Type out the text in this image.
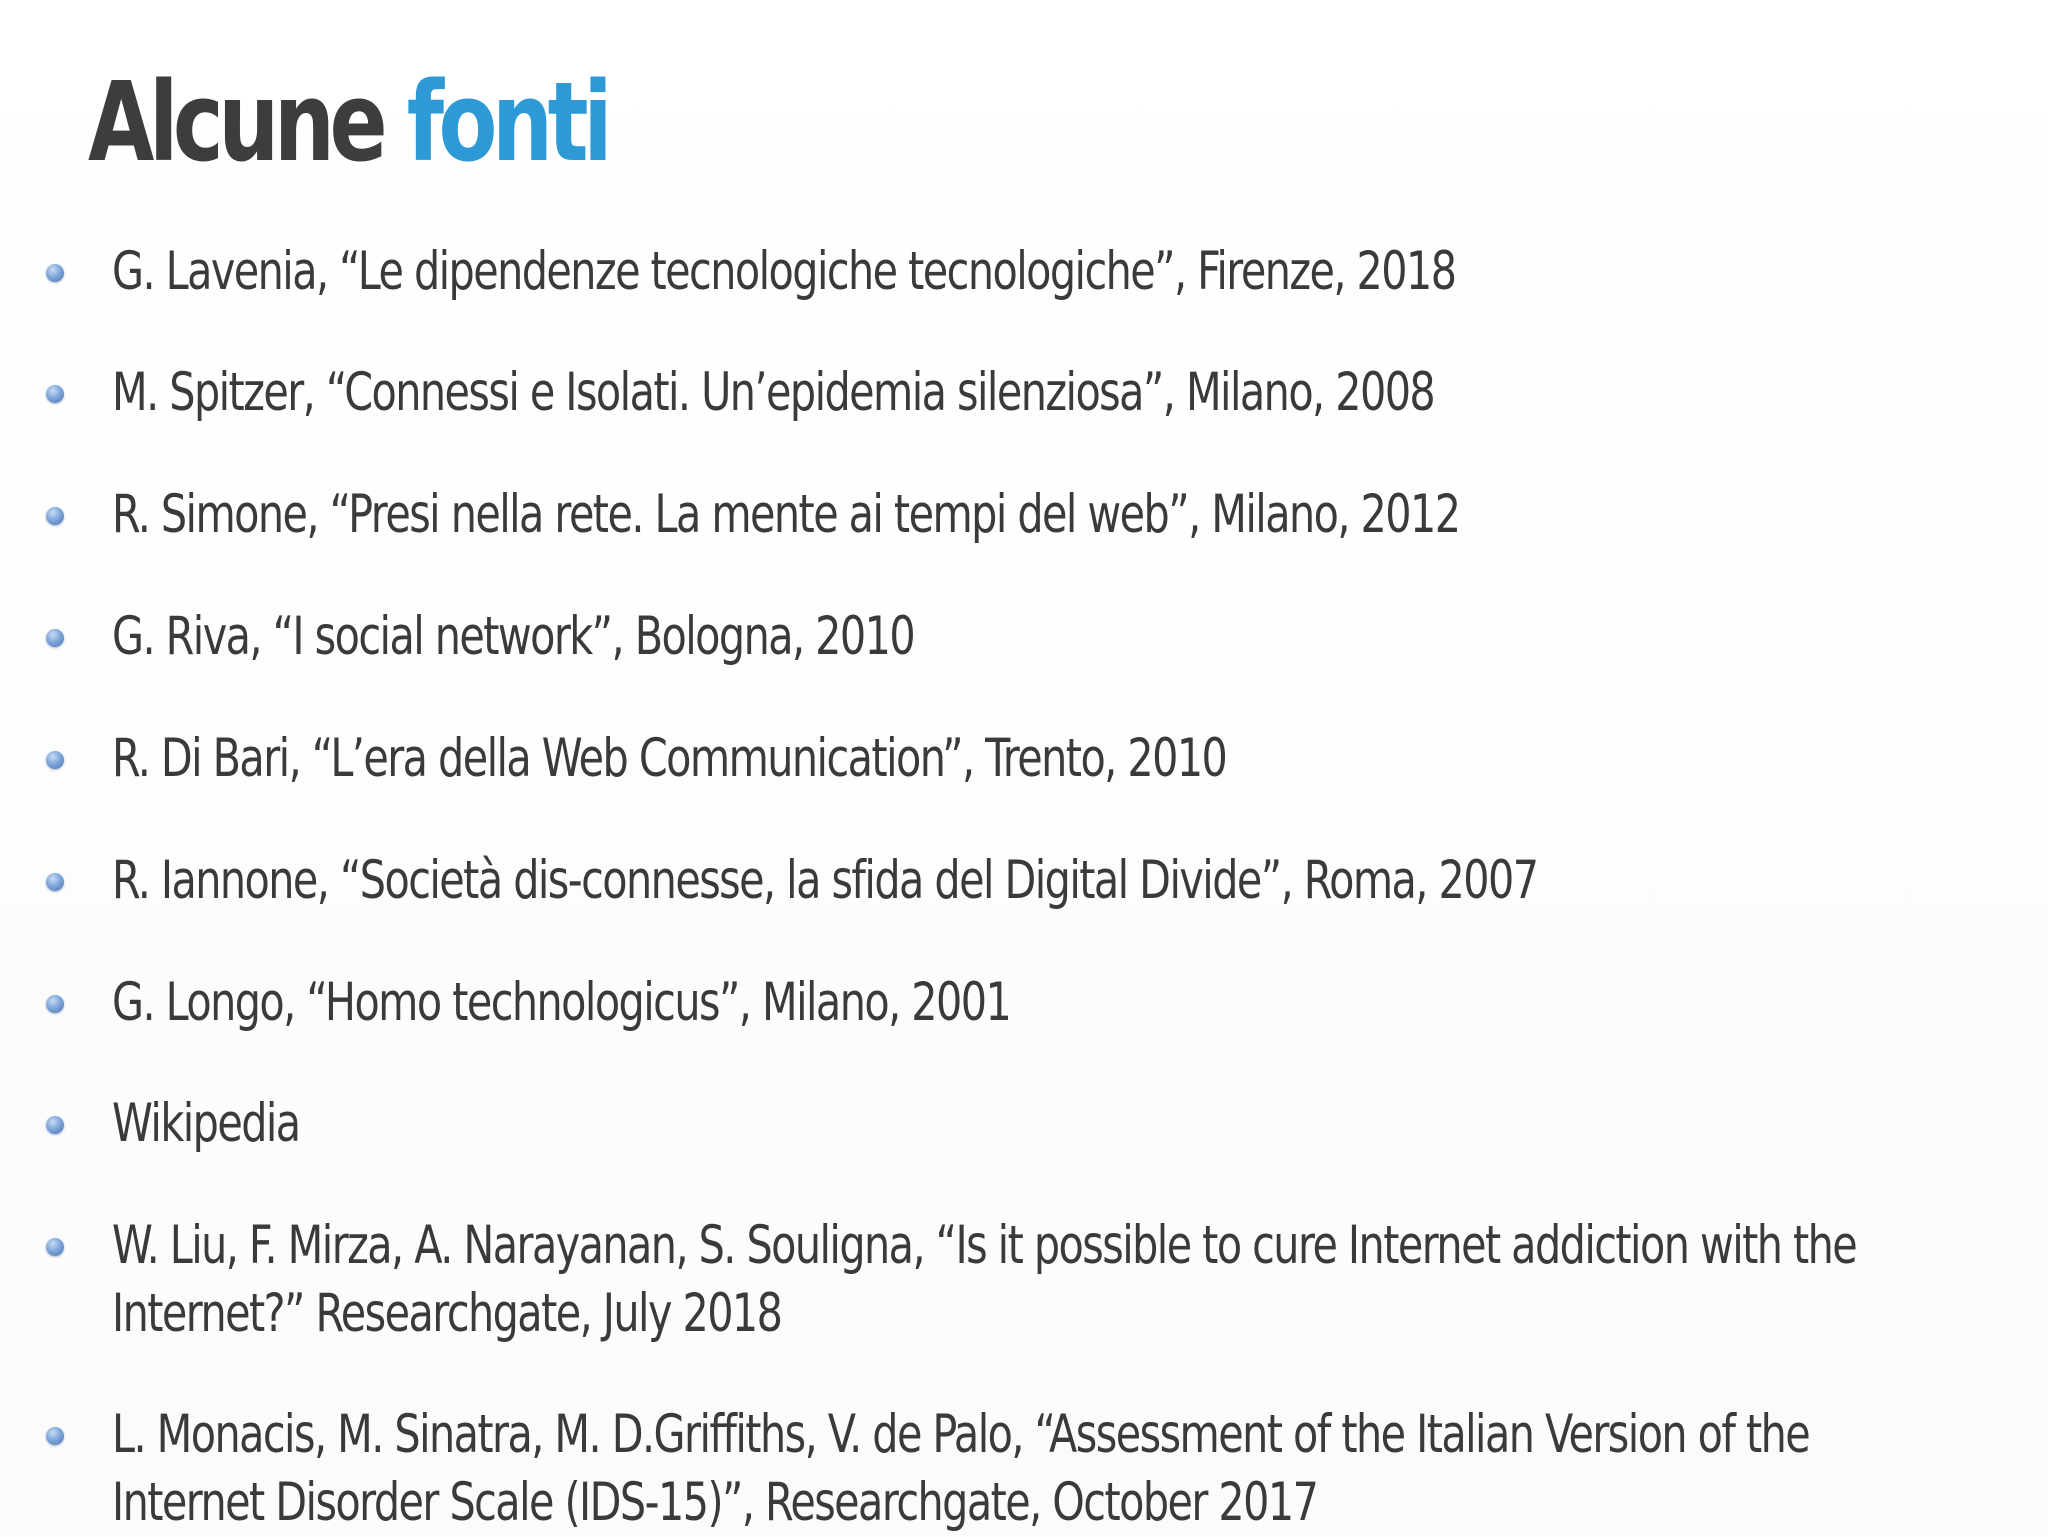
Alcune fonti

G. Lavenia, “Le dipendenze tecnologiche tecnologiche”, Firenze, 2018

M. Spitzer, “Connessi e Isolati. Un’epidemia silenziosa”, Milano, 2008

R. Simone, “Presi nella rete. La mente ai tempi del web”, Milano, 2012

G. Riva, “I social network”, Bologna, 2010

R. Di Bari, “L’era della Web Communication”, Trento, 2010

R. Iannone, “Società dis-connesse, la sfida del Digital Divide”, Roma, 2007

G. Longo, “Homo technologicus”, Milano, 2001

Wikipedia

W. Liu, F. Mirza, A. Narayanan, S. Souligna, “Is it possible to cure Internet addiction with the Internet?” Researchgate, July 2018

L. Monacis, M. Sinatra, M. D.Griffiths, V. de Palo, “Assessment of the Italian Version of the Internet Disorder Scale (IDS-15)”, Researchgate, October 2017
